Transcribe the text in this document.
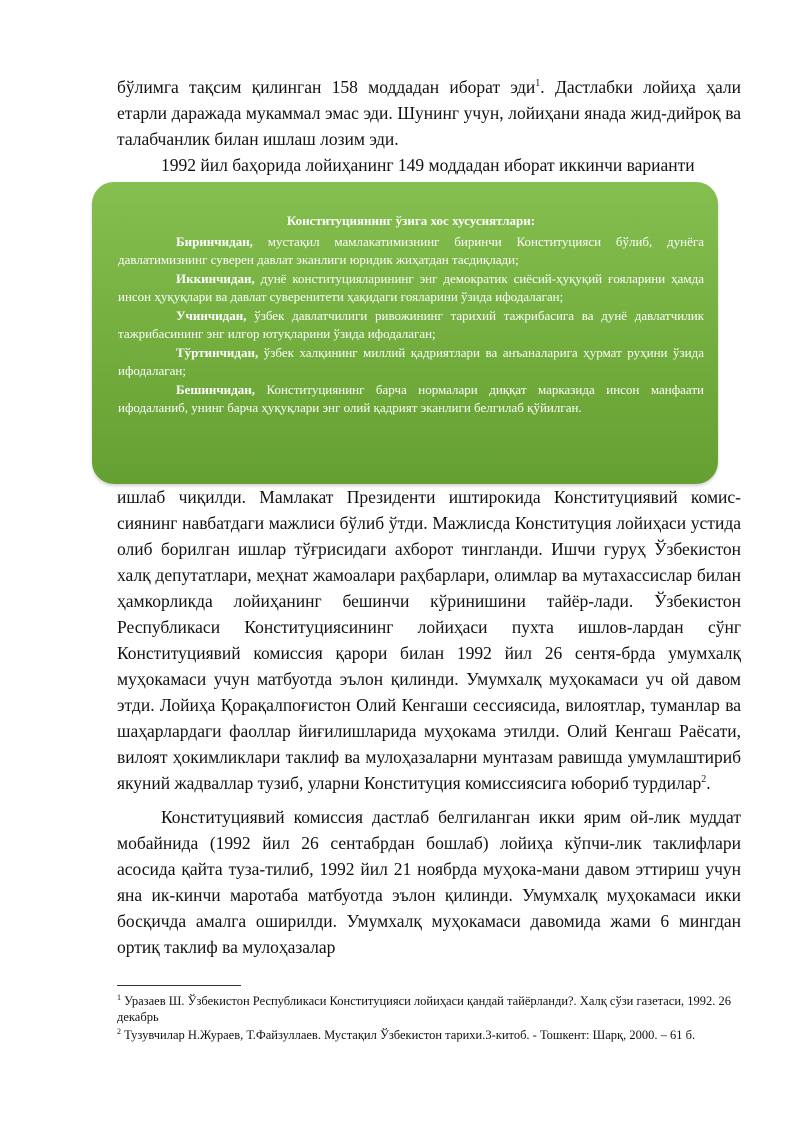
бўлимга тақсим қилинган 158 моддадан иборат эди$^1$. Дастлабки лойиҳа ҳали етарли даражада мукаммал эмас эди. Шунинг учун, лойиҳани янада жид-дийроқ ва талабчанлик билан ишлаш лозим эди.

1992 йил баҳорида лойиҳанинг 149 моддадан иборат иккинчи варианти

Конституциянинг ўзига хос хусусиятлари:

Биринчидан, мустақил мамлакатимизнинг биринчи Конституцияси бўлиб, дунёга давлатимизнинг суверен давлат эканлиги юридик жиҳатдан тасдиқлади;

Иккинчидан, дунё конституцияларининг энг демократик сиёсий-ҳуқуқий ғояларини ҳамда инсон ҳуқуқлари ва давлат суверенитети ҳақидаги ғояларини ўзида ифодалаган;

Учинчидан, ўзбек давлатчилиги ривожининг тарихий тажрибасига ва дунё давлатчилик тажрибасининг энг илғор ютуқларини ўзида ифодалаган;

Тўртинчидан, ўзбек халқининг миллий қадриятлари ва анъаналарига ҳурмат руҳини ўзида ифодалаган;

Бешинчидан, Конституциянинг барча нормалари диққат марказида инсон манфаати ифодаланиб, унинг барча ҳуқуқлари энг олий қадрият эканлиги белгилаб қўйилган.

ишлаб чиқилди. Мамлакат Президенти иштирокида Конституциявий комис-сиянинг навбатдаги мажлиси бўлиб ўтди. Мажлисда Конституция лойиҳаси устида олиб борилган ишлар тўғрисидаги ахборот тингланди. Ишчи гуруҳ Ўзбекистон халқ депутатлари, меҳнат жамоалари раҳбарлари, олимлар ва мутахассислар билан ҳамкорликда лойиҳанинг бешинчи кўринишини тайёр-лади. Ўзбекистон Республикаси Конституциясининг лойиҳаси пухта ишлов-лардан сўнг Конституциявий комиссия қарори билан 1992 йил 26 сентя-брда умумхалқ муҳокамаси учун матбуотда эълон қилинди. Умумхалқ муҳокамаси уч ой давом этди. Лойиҳа Қорақалпоғистон Олий Кенгаши сессиясида, вилоятлар, туманлар ва шаҳарлардаги фаоллар йиғилишларида муҳокама этилди. Олий Кенгаш Раёсати, вилоят ҳокимликлари таклиф ва мулоҳазаларни мунтазам равишда умумлаштириб якуний жадваллар тузиб, уларни Конституция комиссиясига юбориб турдилар$^2$.

Конституциявий комиссия дастлаб белгиланган икки ярим ой-лик муддат мобайнида (1992 йил 26 сентабрдан бошлаб) лойиҳа кўпчи-лик таклифлари асосида қайта туза-тилиб, 1992 йил 21 ноябрда муҳока-мани давом эттириш учун яна ик-кинчи маротаба матбуотда эълон қилинди. Умумхалқ муҳокамаси икки босқичда амалга оширилди. Умумхалқ муҳокамаси давомида жами 6 мингдан ортиқ таклиф ва мулоҳазалар

$^1$ Уразаев Ш. Ўзбекистон Республикаси Конституцияси лойиҳаси қандай тайёрланди?. Халқ сўзи газетаси, 1992. 26 декабрь

$^2$ Тузувчилар Н.Жураев, Т.Файзуллаев. Мустақил Ўзбекистон тарихи.3-китоб. - Тошкент: Шарқ, 2000. – 61 б.
